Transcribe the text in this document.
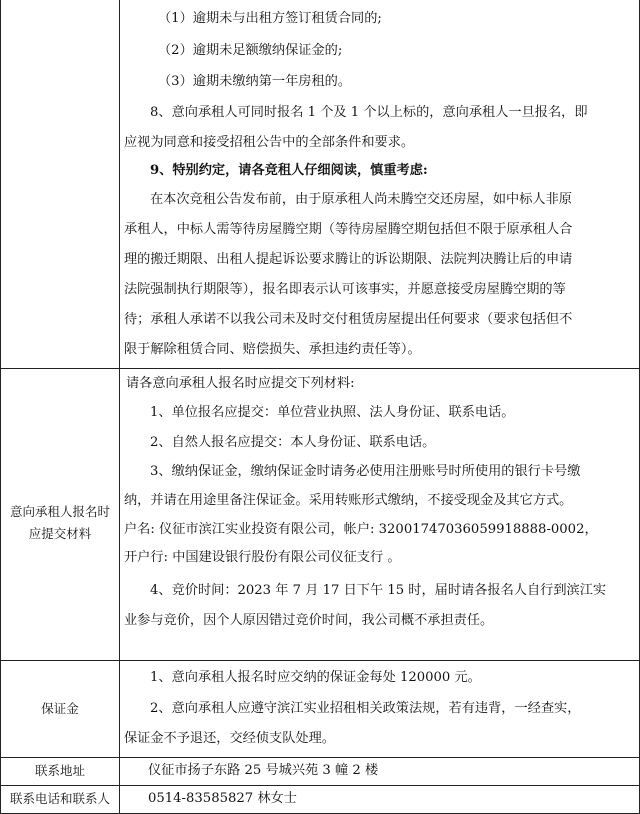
（1）逾期未与出租方签订租赁合同的;
（2）逾期未足额缴纳保证金的;
（3）逾期未缴纳第一年房租的。
8、意向承租人可同时报名 1 个及 1 个以上标的，意向承租人一旦报名，即
应视为同意和接受招租公告中的全部条件和要求。
9、特别约定，请各竞租人仔细阅读，慎重考虑:
在本次竞租公告发布前，由于原承租人尚未腾空交还房屋，如中标人非原
承租人，中标人需等待房屋腾空期（等待房屋腾空期包括但不限于原承租人合
理的搬迁期限、出租人提起诉讼要求腾让的诉讼期限、法院判决腾让后的申请
法院强制执行期限等），报名即表示认可该事实，并愿意接受房屋腾空期的等
待；承租人承诺不以我公司未及时交付租赁房屋提出任何要求（要求包括但不
限于解除租赁合同、赔偿损失、承担违约责任等）。
意向承租人报名时
应提交材料
请各意向承租人报名时应提交下列材料:
1、单位报名应提交：单位营业执照、法人身份证、联系电话。
2、自然人报名应提交：本人身份证、联系电话。
3、缴纳保证金，缴纳保证金时请务必使用注册账号时所使用的银行卡号缴
纳，并请在用途里备注保证金。采用转账形式缴纳，不接受现金及其它方式。
户名: 仪征市滨江实业投资有限公司，帐户: 32001747036059918888-0002，
开户行: 中国建设银行股份有限公司仪征支行 。
4、竞价时间：2023 年 7 月 17 日下午 15 时，届时请各报名人自行到滨江实
业参与竞价，因个人原因错过竞价时间，我公司概不承担责任。
保证金
1、意向承租人报名时应交纳的保证金每处 120000 元。
2、意向承租人应遵守滨江实业招租相关政策法规，若有违背，一经查实，
保证金不予退还，交经侦支队处理。
联系地址	仪征市扬子东路 25 号城兴苑 3 幢 2 楼
联系电话和联系人	0514-83585827 林女士
